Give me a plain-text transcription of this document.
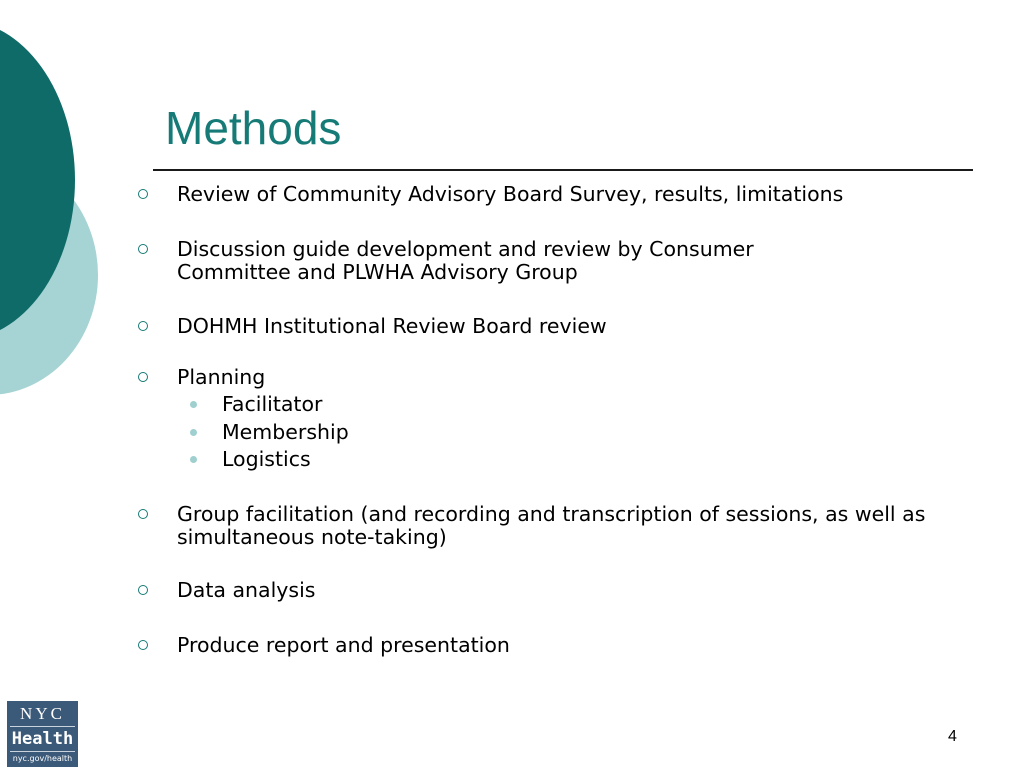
Methods
Review of Community Advisory Board Survey, results, limitations
Discussion guide development and review by Consumer Committee and PLWHA Advisory Group
DOHMH Institutional Review Board review
Planning
Group facilitation (and recording and transcription of sessions, as well as simultaneous note-taking)
Data analysis
Produce report and presentation
Facilitator
Membership
Logistics
NYC
Health
nyc.gov/health
4
